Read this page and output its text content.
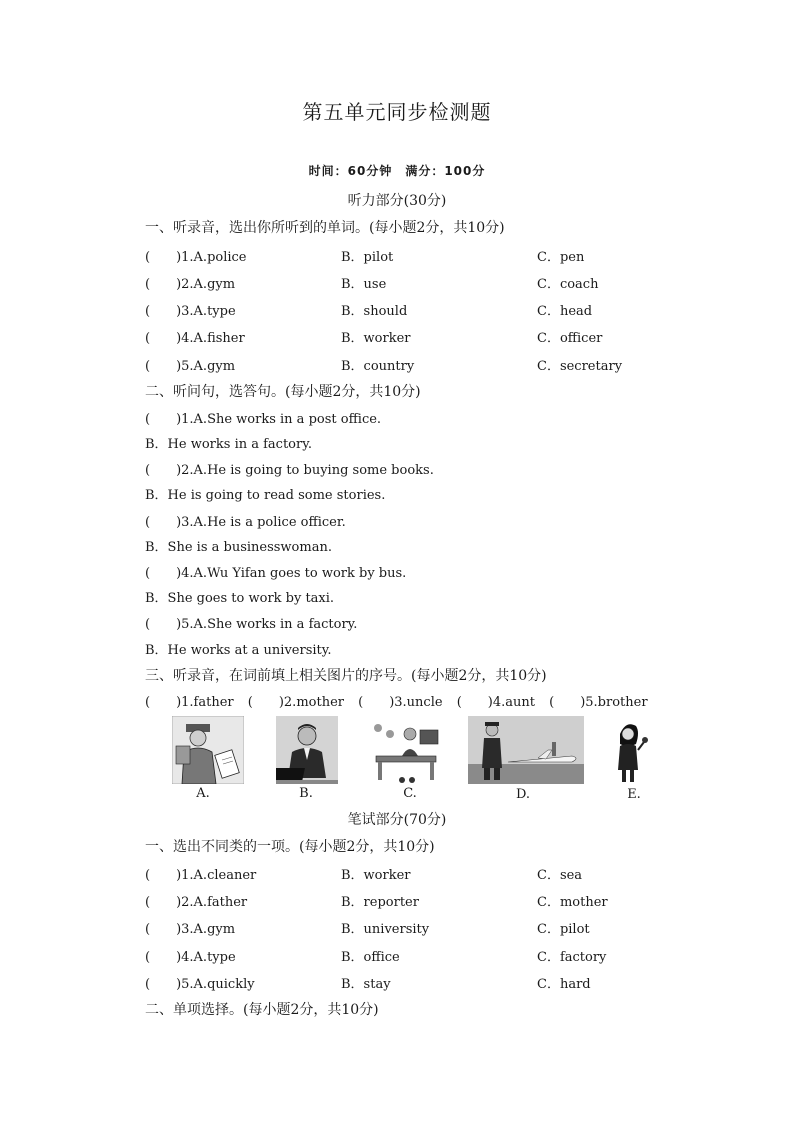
第五单元同步检测题
时间：60分钟　满分：100分
听力部分(30分)
一、听录音，选出你所听到的单词。(每小题2分，共10分)
(　　)1.A.police	B．pilot	C．pen
(　　)2.A.gym	B．use	C．coach
(　　)3.A.type	B．should	C．head
(　　)4.A.fisher	B．worker	C．officer
(　　)5.A.gym	B．country	C．secretary
二、听问句，选答句。(每小题2分，共10分)
(　　)1.A.She works in a post office.
B．He works in a factory.
(　　)2.A.He is going to buying some books.
B．He is going to read some stories.
(　　)3.A.He is a police officer.
B．She is a businesswoman.
(　　)4.A.Wu Yifan goes to work by bus.
B．She goes to work by taxi.
(　　)5.A.She works in a factory.
B．He works at a university.
三、听录音，在词前填上相关图片的序号。(每小题2分，共10分)
(　　)1.father (　　)2.mother (　　)3.uncle (　　)4.aunt (　　)5.brother
A.	B.	C.	D.	E.
笔试部分(70分)
一、选出不同类的一项。(每小题2分，共10分)
(　　)1.A.cleaner	B．worker	C．sea
(　　)2.A.father	B．reporter	C．mother
(　　)3.A.gym	B．university	C．pilot
(　　)4.A.type	B．office	C．factory
(　　)5.A.quickly	B．stay	C．hard
二、单项选择。(每小题2分，共10分)
